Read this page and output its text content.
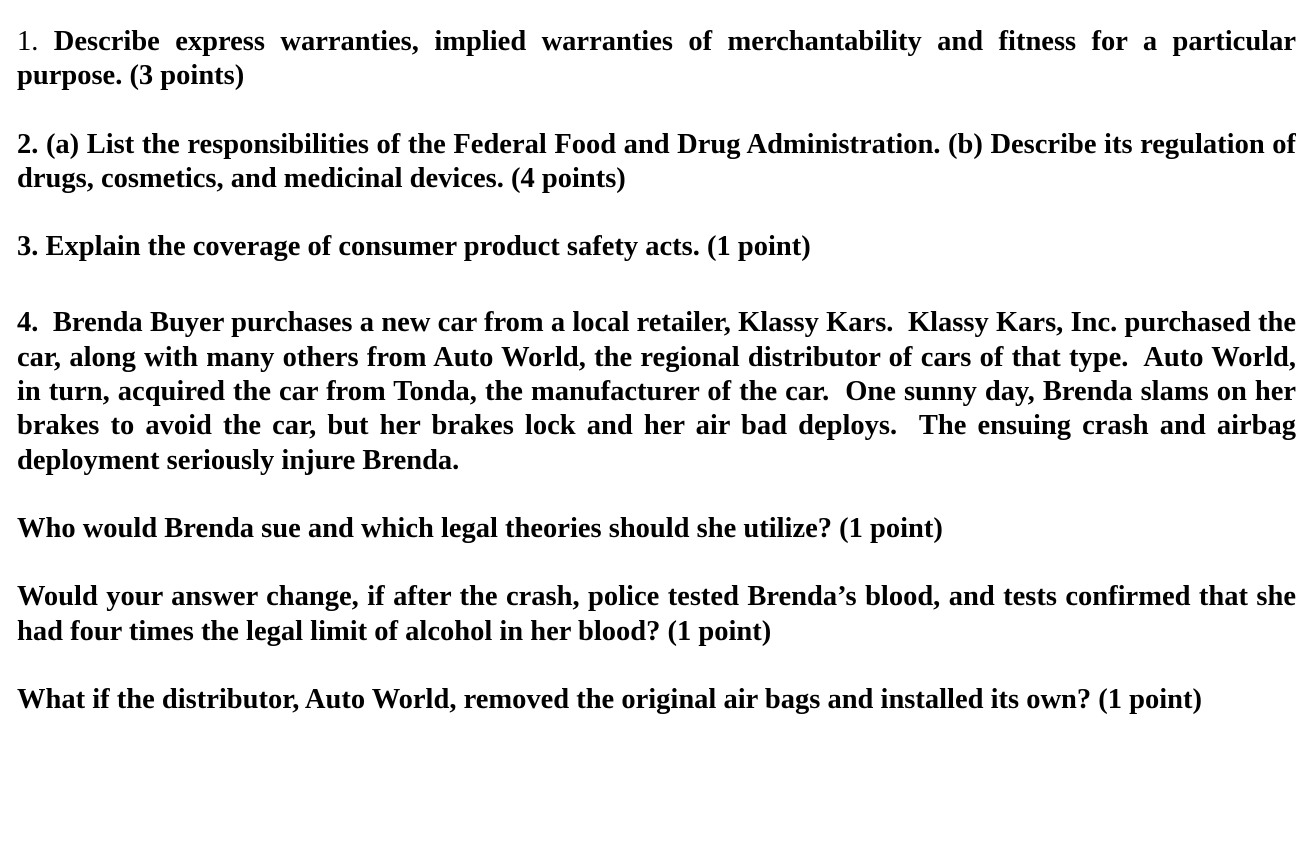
1. Describe express warranties, implied warranties of merchantability and fitness for a particular purpose. (3 points)

2. (a) List the responsibilities of the Federal Food and Drug Administration. (b) Describe its regulation of drugs, cosmetics, and medicinal devices. (4 points)

3. Explain the coverage of consumer product safety acts. (1 point)

4.  Brenda Buyer purchases a new car from a local retailer, Klassy Kars.  Klassy Kars, Inc. purchased the car, along with many others from Auto World, the regional distributor of cars of that type.  Auto World, in turn, acquired the car from Tonda, the manufacturer of the car.  One sunny day, Brenda slams on her brakes to avoid the car, but her brakes lock and her air bad deploys.  The ensuing crash and airbag deployment seriously injure Brenda.

Who would Brenda sue and which legal theories should she utilize? (1 point)

Would your answer change, if after the crash, police tested Brenda’s blood, and tests confirmed that she had four times the legal limit of alcohol in her blood? (1 point)

What if the distributor, Auto World, removed the original air bags and installed its own? (1 point)
